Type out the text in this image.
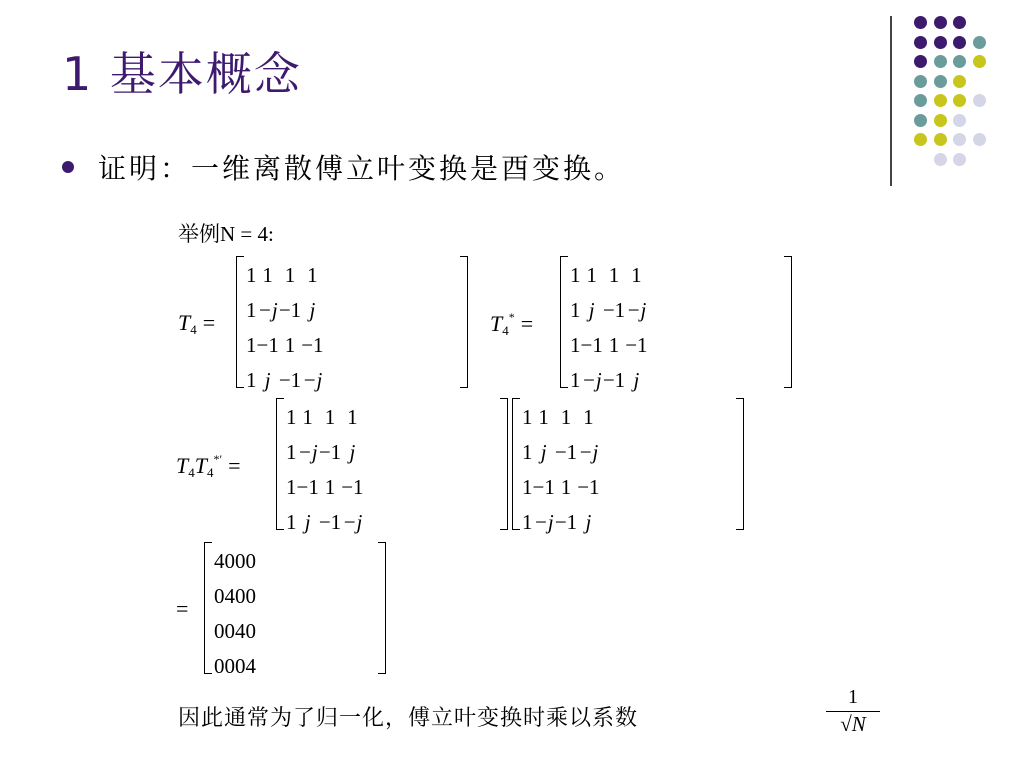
1 基本概念
证明：一维离散傅立叶变换是酉变换。
举例N = 4:
$T_4$ =
1	1	1	1
1	−j	−1	j
1	−1	1	−1
1	j	−1	−j
$T_4^*$ =
1	1	1	1
1	j	−1	−j
1	−1	1	−1
1	−j	−1	j
$T_4T_4^{*'}$ =
1	1	1	1
1	−j	−1	j
1	−1	1	−1
1	j	−1	−j
1	1	1	1
1	j	−1	−j
1	−1	1	−1
1	−j	−1	j
=
4	0	0	0
0	4	0	0
0	0	4	0
0	0	0	4
因此通常为了归一化，傅立叶变换时乘以系数	$\frac{1}{√N}$
